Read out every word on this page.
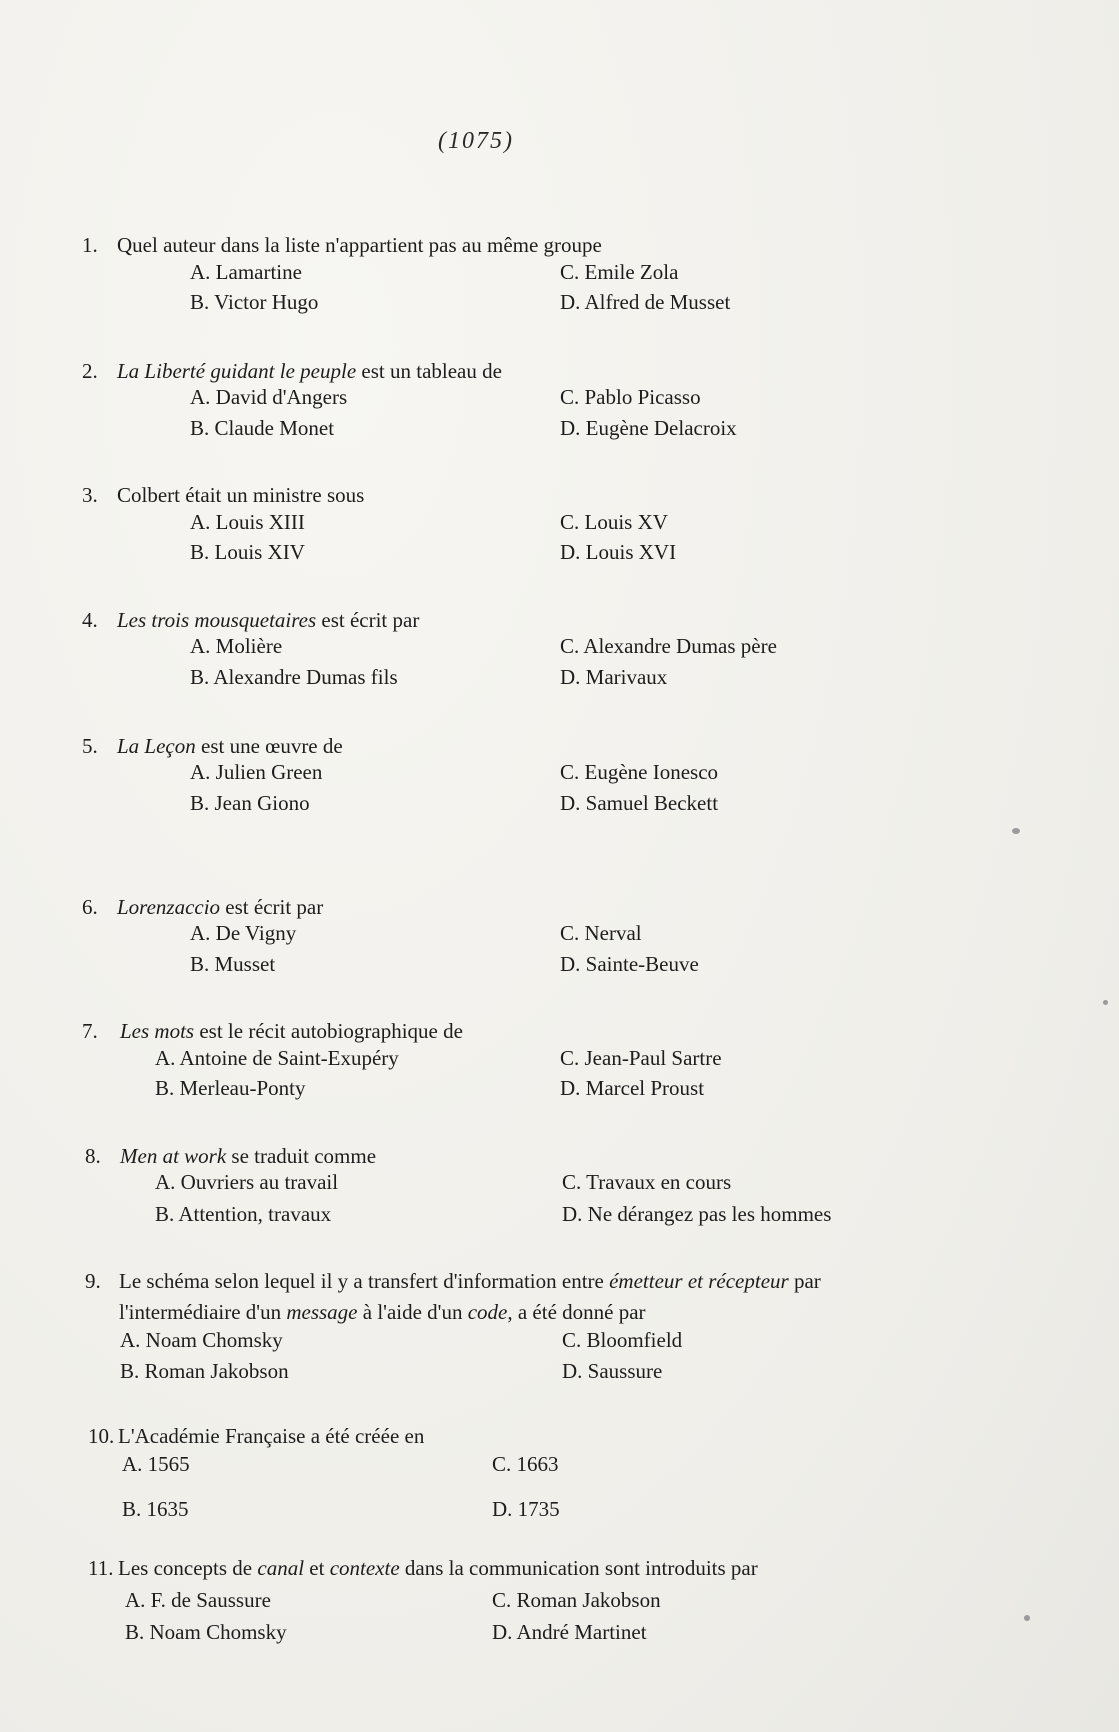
(1075)
1. Quel auteur dans la liste n'appartient pas au même groupe
A. Lamartine
B. Victor Hugo
C. Emile Zola
D. Alfred de Musset
2. La Liberté guidant le peuple est un tableau de
A. David d'Angers
B. Claude Monet
C. Pablo Picasso
D. Eugène Delacroix
3. Colbert était un ministre sous
A. Louis XIII
B. Louis XIV
C. Louis XV
D. Louis XVI
4. Les trois mousquetaires est écrit par
A. Molière
B. Alexandre Dumas fils
C. Alexandre Dumas père
D. Marivaux
5. La Leçon est une œuvre de
A. Julien Green
B. Jean Giono
C. Eugène Ionesco
D. Samuel Beckett
6. Lorenzaccio est écrit par
A. De Vigny
B. Musset
C. Nerval
D. Sainte-Beuve
7. Les mots est le récit autobiographique de
A. Antoine de Saint-Exupéry
B. Merleau-Ponty
C. Jean-Paul Sartre
D. Marcel Proust
8. Men at work se traduit comme
A. Ouvriers au travail
B. Attention, travaux
C. Travaux en cours
D. Ne dérangez pas les hommes
9. Le schéma selon lequel il y a transfert d'information entre émetteur et récepteur par
l'intermédiaire d'un message à l'aide d'un code, a été donné par
A. Noam Chomsky
B. Roman Jakobson
C. Bloomfield
D. Saussure
10. L'Académie Française a été créée en
A. 1565
B. 1635
C. 1663
D. 1735
11. Les concepts de canal et contexte dans la communication sont introduits par
A. F. de Saussure
B. Noam Chomsky
C. Roman Jakobson
D. André Martinet
